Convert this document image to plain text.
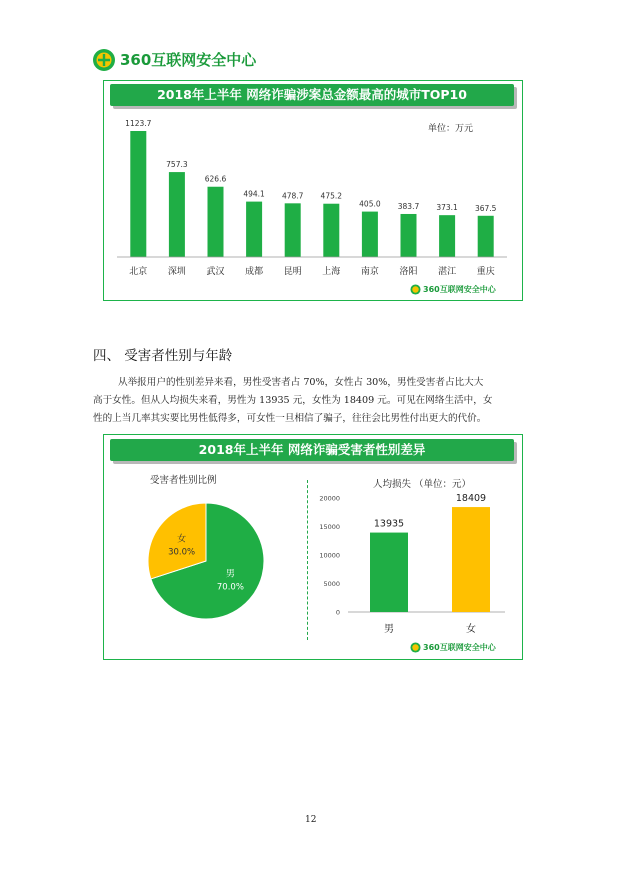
360互联网安全中心
2018年上半年 网络诈骗涉案总金额最高的城市TOP10
单位：万元
1123.7
北京
757.3
深圳
626.6
武汉
494.1
成都
478.7
昆明
475.2
上海
405.0
南京
383.7
洛阳
373.1
湛江
367.5
重庆
360互联网安全中心
四、 受害者性别与年龄
从举报用户的性别差异来看，男性受害者占 70%，女性占 30%，男性受害者占比大大
高于女性。但从人均损失来看，男性为 13935 元，女性为 18409 元。可见在网络生活中，女
性的上当几率其实要比男性低得多，可女性一旦相信了骗子，往往会比男性付出更大的代价。
2018年上半年 网络诈骗受害者性别差异
受害者性别比例	人均损失 （单位：元）
男
70.0%
女
30.0%
0
5000
10000
15000
20000
13935
男
18409
女
360互联网安全中心
12
